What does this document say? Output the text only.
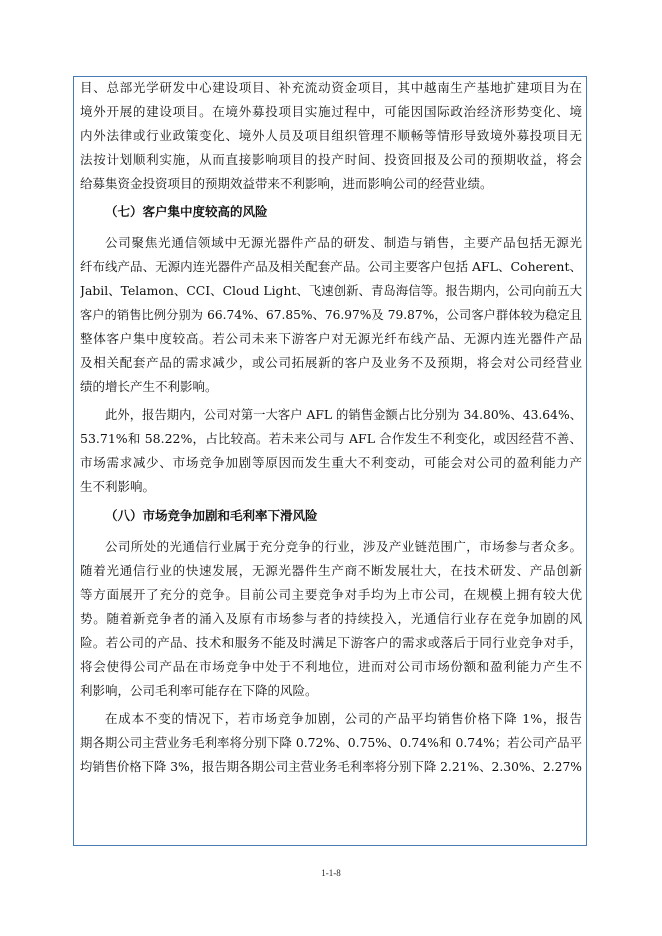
目、总部光学研发中心建设项目、补充流动资金项目，其中越南生产基地扩建项目为在
境外开展的建设项目。在境外募投项目实施过程中，可能因国际政治经济形势变化、境
内外法律或行业政策变化、境外人员及项目组织管理不顺畅等情形导致境外募投项目无
法按计划顺利实施，从而直接影响项目的投产时间、投资回报及公司的预期收益，将会
给募集资金投资项目的预期效益带来不利影响，进而影响公司的经营业绩。
（七）客户集中度较高的风险
公司聚焦光通信领域中无源光器件产品的研发、制造与销售，主要产品包括无源光
纤布线产品、无源内连光器件产品及相关配套产品。公司主要客户包括 AFL、Coherent、
Jabil、Telamon、CCI、Cloud Light、飞速创新、青岛海信等。报告期内，公司向前五大
客户的销售比例分别为 66.74%、67.85%、76.97%及 79.87%，公司客户群体较为稳定且
整体客户集中度较高。若公司未来下游客户对无源光纤布线产品、无源内连光器件产品
及相关配套产品的需求减少，或公司拓展新的客户及业务不及预期，将会对公司经营业
绩的增长产生不利影响。
此外，报告期内，公司对第一大客户 AFL 的销售金额占比分别为 34.80%、43.64%、
53.71%和 58.22%，占比较高。若未来公司与 AFL 合作发生不利变化，或因经营不善、
市场需求减少、市场竞争加剧等原因而发生重大不利变动，可能会对公司的盈利能力产
生不利影响。
（八）市场竞争加剧和毛利率下滑风险
公司所处的光通信行业属于充分竞争的行业，涉及产业链范围广，市场参与者众多。
随着光通信行业的快速发展，无源光器件生产商不断发展壮大，在技术研发、产品创新
等方面展开了充分的竞争。目前公司主要竞争对手均为上市公司，在规模上拥有较大优
势。随着新竞争者的涌入及原有市场参与者的持续投入，光通信行业存在竞争加剧的风
险。若公司的产品、技术和服务不能及时满足下游客户的需求或落后于同行业竞争对手，
将会使得公司产品在市场竞争中处于不利地位，进而对公司市场份额和盈利能力产生不
利影响，公司毛利率可能存在下降的风险。
在成本不变的情况下，若市场竞争加剧，公司的产品平均销售价格下降 1%，报告
期各期公司主营业务毛利率将分别下降 0.72%、0.75%、0.74%和 0.74%；若公司产品平
均销售价格下降 3%，报告期各期公司主营业务毛利率将分别下降 2.21%、2.30%、2.27%
1-1-8
